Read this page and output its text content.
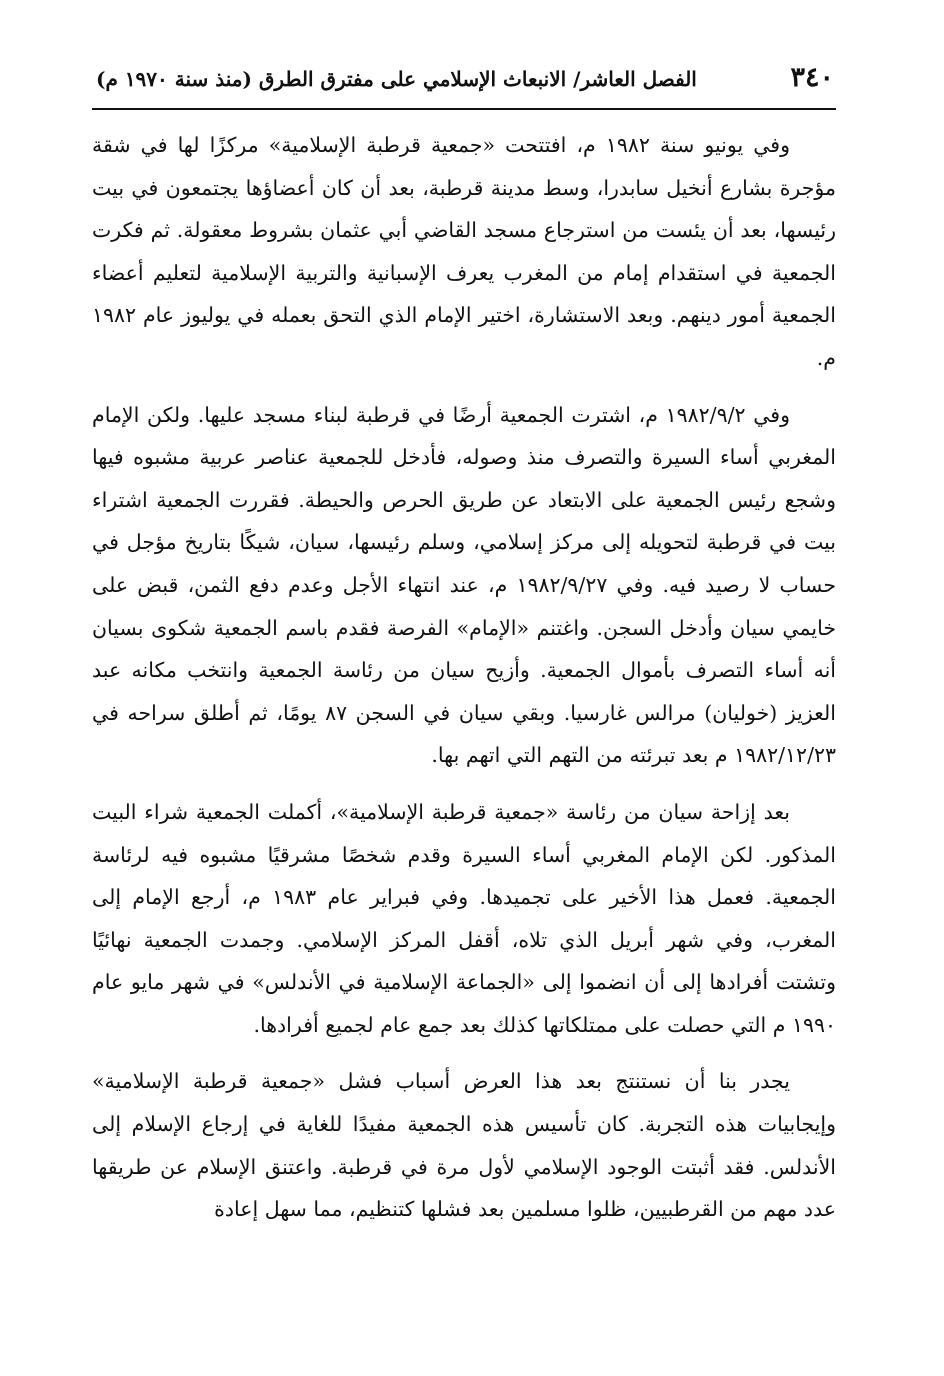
٣٤٠
الفصل العاشر/ الانبعاث الإسلامي على مفترق الطرق (منذ سنة ١٩٧٠ م)

وفي يونيو سنة ١٩٨٢ م، افتتحت «جمعية قرطبة الإسلامية» مركزًا لها في شقة مؤجرة بشارع أنخيل سابدرا، وسط مدينة قرطبة، بعد أن كان أعضاؤها يجتمعون في بيت رئيسها، بعد أن يئست من استرجاع مسجد القاضي أبي عثمان بشروط معقولة. ثم فكرت الجمعية في استقدام إمام من المغرب يعرف الإسبانية والتربية الإسلامية لتعليم أعضاء الجمعية أمور دينهم. وبعد الاستشارة، اختير الإمام الذي التحق بعمله في يوليوز عام ١٩٨٢ م.

وفي ١٩٨٢/٩/٢ م، اشترت الجمعية أرضًا في قرطبة لبناء مسجد عليها. ولكن الإمام المغربي أساء السيرة والتصرف منذ وصوله، فأدخل للجمعية عناصر عربية مشبوه فيها وشجع رئيس الجمعية على الابتعاد عن طريق الحرص والحيطة. فقررت الجمعية اشتراء بيت في قرطبة لتحويله إلى مركز إسلامي، وسلم رئيسها، سيان، شيكًا بتاريخ مؤجل في حساب لا رصيد فيه. وفي ١٩٨٢/٩/٢٧ م، عند انتهاء الأجل وعدم دفع الثمن، قبض على خايمي سيان وأدخل السجن. واغتنم «الإمام» الفرصة فقدم باسم الجمعية شكوى بسيان أنه أساء التصرف بأموال الجمعية. وأزيح سيان من رئاسة الجمعية وانتخب مكانه عبد العزيز (خوليان) مرالس غارسيا. وبقي سيان في السجن ٨٧ يومًا، ثم أطلق سراحه في ١٩٨٢/١٢/٢٣ م بعد تبرئته من التهم التي اتهم بها.

بعد إزاحة سيان من رئاسة «جمعية قرطبة الإسلامية»، أكملت الجمعية شراء البيت المذكور. لكن الإمام المغربي أساء السيرة وقدم شخصًا مشرقيًا مشبوه فيه لرئاسة الجمعية. فعمل هذا الأخير على تجميدها. وفي فبراير عام ١٩٨٣ م، أرجع الإمام إلى المغرب، وفي شهر أبريل الذي تلاه، أقفل المركز الإسلامي. وجمدت الجمعية نهائيًا وتشتت أفرادها إلى أن انضموا إلى «الجماعة الإسلامية في الأندلس» في شهر مايو عام ١٩٩٠ م التي حصلت على ممتلكاتها كذلك بعد جمع عام لجميع أفرادها.

يجدر بنا أن نستنتج بعد هذا العرض أسباب فشل «جمعية قرطبة الإسلامية» وإيجابيات هذه التجربة. كان تأسيس هذه الجمعية مفيدًا للغاية في إرجاع الإسلام إلى الأندلس. فقد أثبتت الوجود الإسلامي لأول مرة في قرطبة. واعتنق الإسلام عن طريقها عدد مهم من القرطبيين، ظلوا مسلمين بعد فشلها كتنظيم، مما سهل إعادة
